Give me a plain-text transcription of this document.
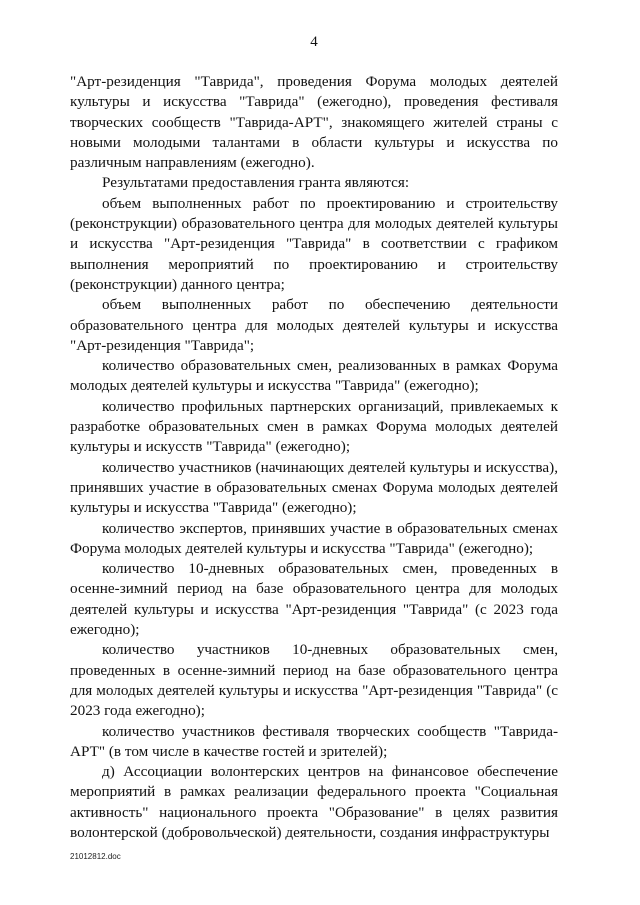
4

"Арт-резиденция "Таврида", проведения Форума молодых деятелей культуры и искусства "Таврида" (ежегодно), проведения фестиваля творческих сообществ "Таврида-АРТ", знакомящего жителей страны с новыми молодыми талантами в области культуры и искусства по различным направлениям (ежегодно).

Результатами предоставления гранта являются:

объем выполненных работ по проектированию и строительству (реконструкции) образовательного центра для молодых деятелей культуры и искусства "Арт-резиденция "Таврида" в соответствии с графиком выполнения мероприятий по проектированию и строительству (реконструкции) данного центра;

объем выполненных работ по обеспечению деятельности образовательного центра для молодых деятелей культуры и искусства "Арт-резиденция "Таврида";

количество образовательных смен, реализованных в рамках Форума молодых деятелей культуры и искусства "Таврида" (ежегодно);

количество профильных партнерских организаций, привлекаемых к разработке образовательных смен в рамках Форума молодых деятелей культуры и искусств "Таврида" (ежегодно);

количество участников (начинающих деятелей культуры и искусства), принявших участие в образовательных сменах Форума молодых деятелей культуры и искусства "Таврида" (ежегодно);

количество экспертов, принявших участие в образовательных сменах Форума молодых деятелей культуры и искусства "Таврида" (ежегодно);

количество 10-дневных образовательных смен, проведенных в осенне-зимний период на базе образовательного центра для молодых деятелей культуры и искусства "Арт-резиденция "Таврида" (с 2023 года ежегодно);

количество участников 10-дневных образовательных смен, проведенных в осенне-зимний период на базе образовательного центра для молодых деятелей культуры и искусства "Арт-резиденция "Таврида" (с 2023 года ежегодно);

количество участников фестиваля творческих сообществ "Таврида-АРТ" (в том числе в качестве гостей и зрителей);

д) Ассоциации волонтерских центров на финансовое обеспечение мероприятий в рамках реализации федерального проекта "Социальная активность" национального проекта "Образование" в целях развития волонтерской (добровольческой) деятельности, создания инфраструктуры

21012812.doc
